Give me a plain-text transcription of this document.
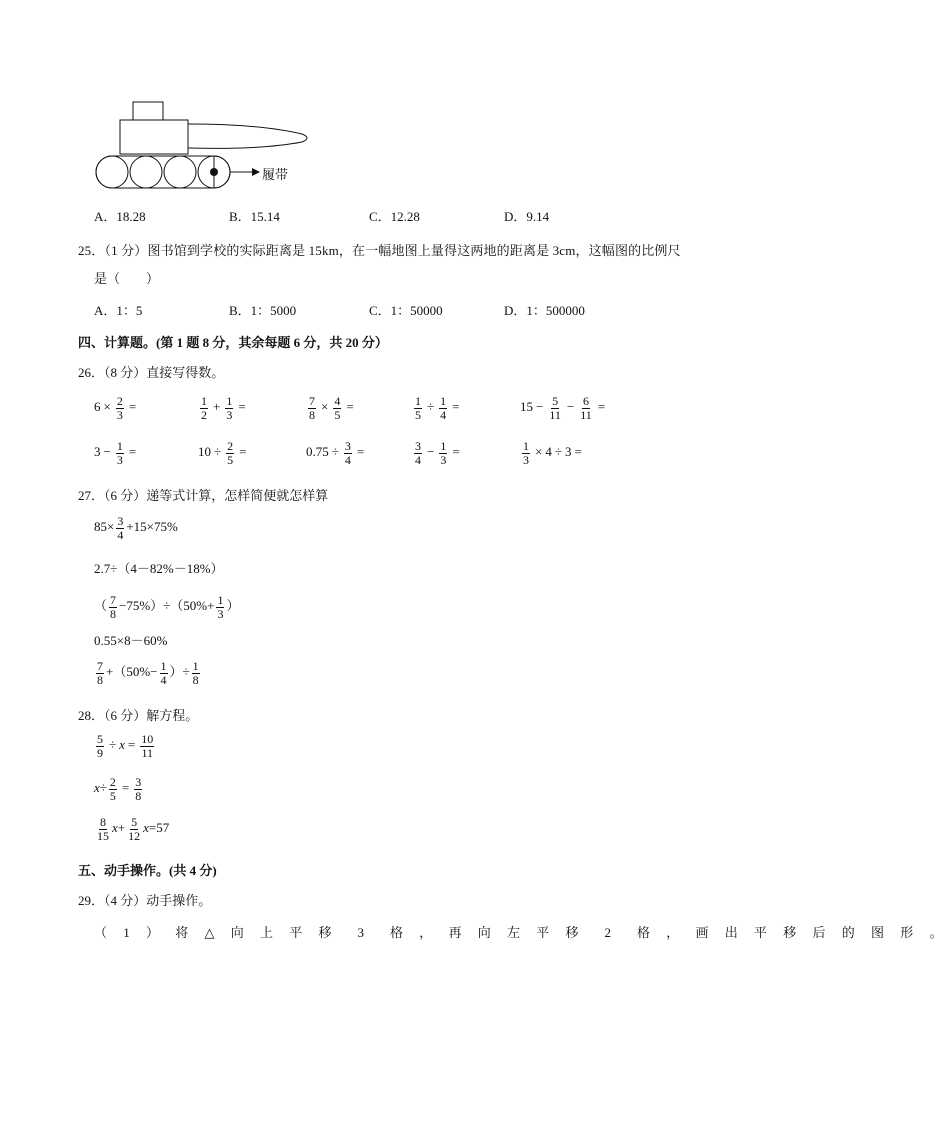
履带
A．18.28	B．15.14	C．12.28	D．9.14
25．（1 分）图书馆到学校的实际距离是 15km，在一幅地图上量得这两地的距离是 3cm，这幅图的比例尺
是（　　）
A．1：5	B．1：5000	C．1：50000	D．1：500000
四、计算题。(第 1 题 8 分，其余每题 6 分，共 20 分）
26．（8 分）直接写得数。
$6 \times \frac{2}{3}$ =	$\frac{1}{2} + \frac{1}{3}$ =	$\frac{7}{8} \times \frac{4}{5}$ =	$\frac{1}{5} \div \frac{1}{4}$ =	$15 - \frac{5}{11} - \frac{6}{11}$ =
$3 - \frac{1}{3}$ =	$10 \div \frac{2}{5}$ =	$0.75 \div \frac{3}{4}$ =	$\frac{3}{4} - \frac{1}{3}$ =	$\frac{1}{3} \times 4 \div 3$ =
27．（6 分）递等式计算，怎样简便就怎样算
$85\times \frac{3}{4} +15\times 75\%$
2.7÷（4－82%－18%）
（ $\frac{7}{8} -75\%)\div(50\%+ \frac{1}{3}$ ）
0.55×8－60%
$\frac{7}{8} +(50\%- \frac{1}{4}$ ）÷ $\frac{1}{8}$
28．（6 分）解方程。
$\frac{5}{9} \div x = \frac{10}{11}$
$x\div \frac{2}{5} = \frac{3}{8}$
$\frac{8}{15} x+ \frac{5}{12} x=57$
五、动手操作。(共 4 分)
29．（4 分）动手操作。
（ 1 ） 将 △ 向 上 平 移　3　格 ， 再 向 左 平 移　2　格 ， 画 出 平 移 后 的 图 形 。
